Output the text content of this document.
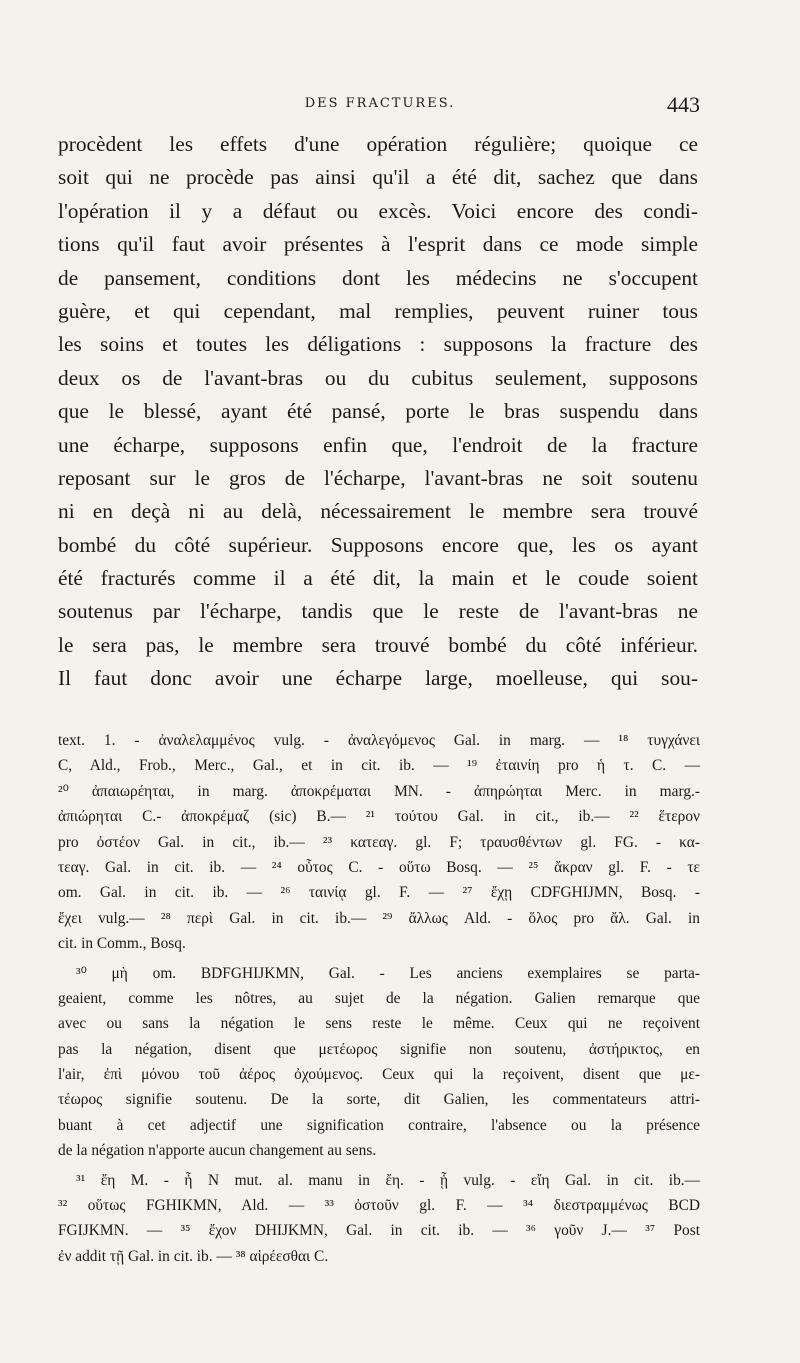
DES FRACTURES.	443
procèdent les effets d'une opération régulière; quoique ce
soit qui ne procède pas ainsi qu'il a été dit, sachez que dans
l'opération il y a défaut ou excès. Voici encore des condi-
tions qu'il faut avoir présentes à l'esprit dans ce mode simple
de pansement, conditions dont les médecins ne s'occupent
guère, et qui cependant, mal remplies, peuvent ruiner tous
les soins et toutes les déligations : supposons la fracture des
deux os de l'avant-bras ou du cubitus seulement, supposons
que le blessé, ayant été pansé, porte le bras suspendu dans
une écharpe, supposons enfin que, l'endroit de la fracture
reposant sur le gros de l'écharpe, l'avant-bras ne soit soutenu
ni en deçà ni au delà, nécessairement le membre sera trouvé
bombé du côté supérieur. Supposons encore que, les os ayant
été fracturés comme il a été dit, la main et le coude soient
soutenus par l'écharpe, tandis que le reste de l'avant-bras ne
le sera pas, le membre sera trouvé bombé du côté inférieur.
Il faut donc avoir une écharpe large, moelleuse, qui sou-
text. 1. - ἀναλελαμμένος vulg. - ἀναλεγόμενος Gal. in marg. — ¹⁸ τυγχάνει
C, Ald., Frob., Merc., Gal., et in cit. ib. — ¹⁹ ἐταινίη pro ἡ τ. C. —
²⁰ ἀπαιωρέηται, in marg. ἀποκρέμαται MN. - ἀπηρώηται Merc. in marg.-
ἀπιώρηται C.- ἀποκρέμαζ (sic) B.— ²¹ τούτου Gal. in cit., ib.— ²² ἕτερον
pro ὀστέον Gal. in cit., ib.— ²³ κατεαγ. gl. F; τραυσθέντων gl. FG. - κα-
τεαγ. Gal. in cit. ib. — ²⁴ οὗτος C. - οὕτω Bosq. — ²⁵ ἄκραν gl. F. - τε
om. Gal. in cit. ib. — ²⁶ ταινίᾳ gl. F. — ²⁷ ἔχῃ CDFGHIJMN, Bosq. -
ἔχει vulg.— ²⁸ περὶ Gal. in cit. ib.— ²⁹ ἄλλως Ald. - ὅλος pro ἄλ. Gal. in
cit. in Comm., Bosq.
³⁰ μὴ om. BDFGHIJKMN, Gal. - Les anciens exemplaires se parta-
geaient, comme les nôtres, au sujet de la négation. Galien remarque que
avec ou sans la négation le sens reste le même. Ceux qui ne reçoivent
pas la négation, disent que μετέωρος signifie non soutenu, ἀστήρικτος, en
l'air, ἐπὶ μόνου τοῦ ἀέρος ὀχούμενος. Ceux qui la reçoivent, disent que με-
τέωρος signifie soutenu. De la sorte, dit Galien, les commentateurs attri-
buant à cet adjectif une signification contraire, l'absence ou la présence
de la négation n'apporte aucun changement au sens.
³¹ ἔη M. - ἦ N mut. al. manu in ἔη. - ᾗ vulg. - εἴη Gal. in cit. ib.—
³² οὕτως FGHIKMN, Ald. — ³³ ὀστοῦν gl. F. — ³⁴ διεστραμμένως BCD
FGIJKMN. — ³⁵ ἔχον DHIJKMN, Gal. in cit. ib. — ³⁶ γοῦν J.— ³⁷ Post
ἐν addit τῇ Gal. in cit. ib. — ³⁸ αἱρέεσθαι C.
